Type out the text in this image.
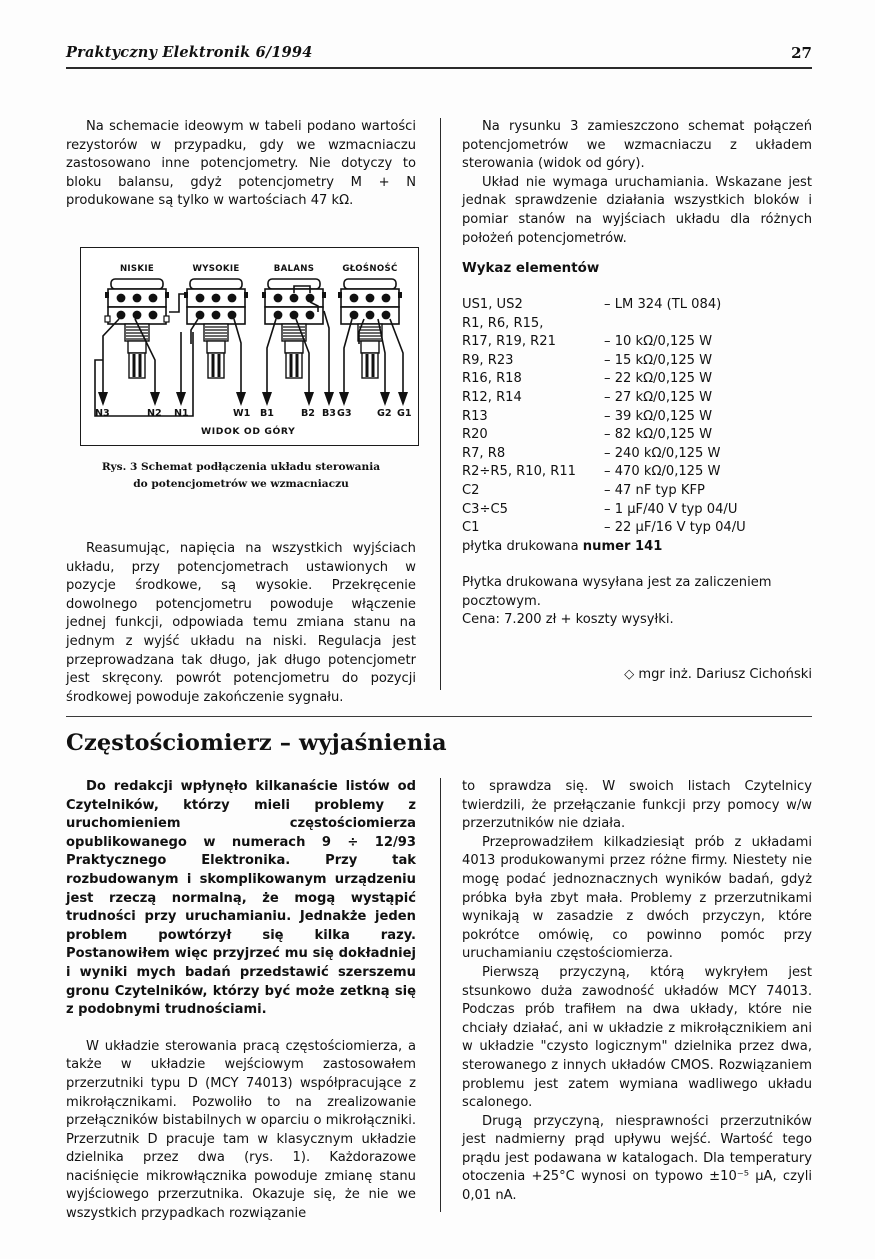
Praktyczny Elektronik 6/1994	27

Na schemacie ideowym w tabeli podano wartości rezystorów w przypadku, gdy we wzmacniaczu zastosowano inne potencjometry. Nie dotyczy to bloku balansu, gdyż potencjometry M + N produkowane są tylko w wartościach 47 kΩ.

NISKIE	WYSOKIE	BALANS	GŁOŚNOŚĆ
N3	N2 N1	W1 B1	B2 B3 G3	G2 G1
WIDOK OD GÓRY
Rys. 3 Schemat podłączenia układu sterowania
do potencjometrów we wzmacniaczu

Reasumując, napięcia na wszystkich wyjściach układu, przy potencjometrach ustawionych w pozycje środkowe, są wysokie. Przekręcenie dowolnego potencjometru powoduje włączenie jednej funkcji, odpowiada temu zmiana stanu na jednym z wyjść układu na niski. Regulacja jest przeprowadzana tak długo, jak długo potencjometr jest skręcony. powrót potencjometru do pozycji środkowej powoduje zakończenie sygnału.

Na rysunku 3 zamieszczono schemat połączeń potencjometrów we wzmacniaczu z układem sterowania (widok od góry).

Układ nie wymaga uruchamiania. Wskazane jest jednak sprawdzenie działania wszystkich bloków i pomiar stanów na wyjściach układu dla różnych położeń potencjometrów.

Wykaz elementów
US1, US2	– LM 324 (TL 084)
R1, R6, R15,	
R17, R19, R21	– 10 kΩ/0,125 W
R9, R23	– 15 kΩ/0,125 W
R16, R18	– 22 kΩ/0,125 W
R12, R14	– 27 kΩ/0,125 W
R13	– 39 kΩ/0,125 W
R20	– 82 kΩ/0,125 W
R7, R8	– 240 kΩ/0,125 W
R2÷R5, R10, R11	– 470 kΩ/0,125 W
C2	– 47 nF typ KFP
C3÷C5	– 1 μF/40 V typ 04/U
C1	– 22 μF/16 V typ 04/U
płytka drukowana numer 141	

Płytka drukowana wysyłana jest za zaliczeniem pocztowym.

Cena: 7.200 zł + koszty wysyłki.

◇ mgr inż. Dariusz Cichoński
Częstościomierz – wyjaśnienia

Do redakcji wpłynęło kilkanaście listów od Czytelników, którzy mieli problemy z uruchomieniem częstościomierza opublikowanego w numerach 9 ÷ 12/93 Praktycznego Elektronika. Przy tak rozbudowanym i skomplikowanym urządzeniu jest rzeczą normalną, że mogą wystąpić trudności przy uruchamianiu. Jednakże jeden problem powtórzył się kilka razy. Postanowiłem więc przyjrzeć mu się dokładniej i wyniki mych badań przedstawić szerszemu gronu Czytelników, którzy być może zetkną się z podobnymi trudnościami.

W układzie sterowania pracą częstościomierza, a także w układzie wejściowym zastosowałem przerzutniki typu D (MCY 74013) współpracujące z mikrołącznikami. Pozwoliło to na zrealizowanie przełączników bistabilnych w oparciu o mikrołączniki. Przerzutnik D pracuje tam w klasycznym układzie dzielnika przez dwa (rys. 1). Każdorazowe naciśnięcie mikrowłącznika powoduje zmianę stanu wyjściowego przerzutnika. Okazuje się, że nie we wszystkich przypadkach rozwiązanie

to sprawdza się. W swoich listach Czytelnicy twierdzili, że przełączanie funkcji przy pomocy w/w przerzutników nie działa.

Przeprowadziłem kilkadziesiąt prób z układami 4013 produkowanymi przez różne firmy. Niestety nie mogę podać jednoznacznych wyników badań, gdyż próbka była zbyt mała. Problemy z przerzutnikami wynikają w zasadzie z dwóch przyczyn, które pokrótce omówię, co powinno pomóc przy uruchamianiu częstościomierza.

Pierwszą przyczyną, którą wykryłem jest stsunkowo duża zawodność układów MCY 74013. Podczas prób trafiłem na dwa układy, które nie chciały działać, ani w układzie z mikrołącznikiem ani w układzie "czysto logicznym" dzielnika przez dwa, sterowanego z innych układów CMOS. Rozwiązaniem problemu jest zatem wymiana wadliwego układu scalonego.

Drugą przyczyną, niesprawności przerzutników jest nadmierny prąd upływu wejść. Wartość tego prądu jest podawana w katalogach. Dla temperatury otoczenia +25°C wynosi on typowo ±10⁻⁵ μA, czyli 0,01 nA.
